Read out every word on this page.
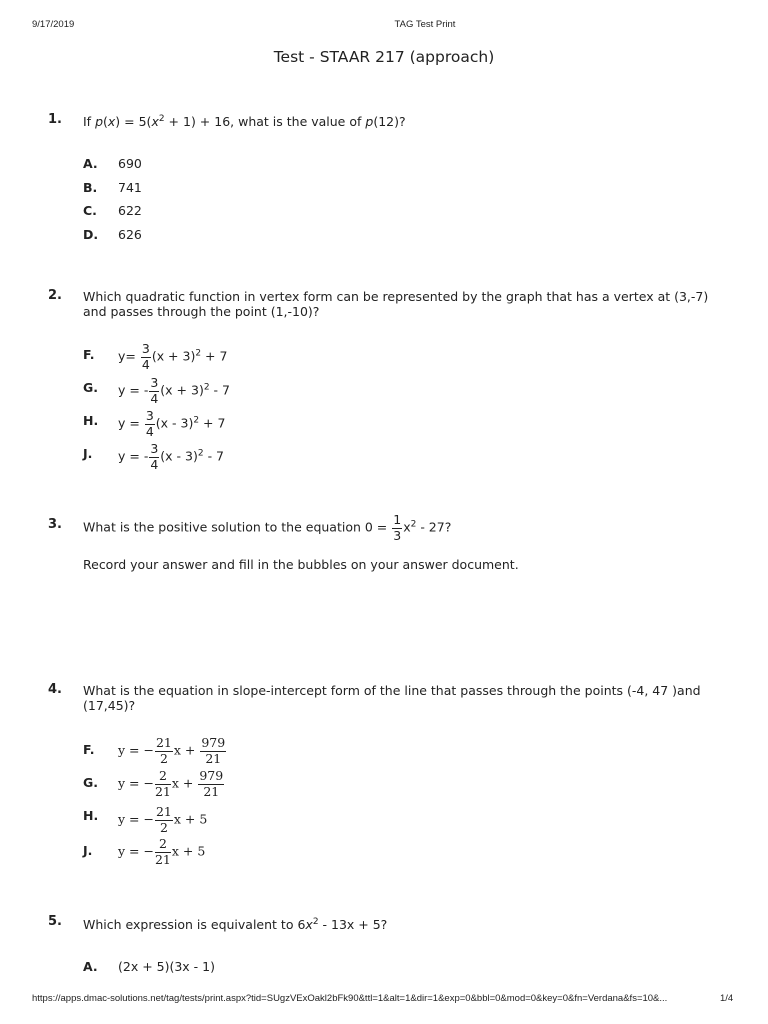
9/17/2019	TAG Test Print
Test - STAAR 217 (approach)
1. If $p(x) = 5(x^2 + 1) + 16$, what is the value of p(12)?
A. 690
B. 741
C. 622
D. 626
2. Which quadratic function in vertex form can be represented by the graph that has a vertex at (3,-7) and passes through the point (1,-10)?
F. $y= \frac{3}{4} (x + 3)^2 + 7$
G. y = - $\frac{3}{4} (x + 3)^2 - 7$
H. $y = \frac{3}{4} (x - 3)^2 + 7$
J. y = - $\frac{3}{4} (x - 3)^2 - 7$
3. What is the positive solution to the equation $0 = \frac{1}{3} x^2 - 27$?
Record your answer and fill in the bubbles on your answer document.
4. What is the equation in slope-intercept form of the line that passes through the points (-4, 47 )and (17,45)?
F. y = − $\frac{21}{2}$ $x + \frac{979}{21}$
G. y = − $\frac{2}{21}$ $x + \frac{979}{21}$
H. y = − $\frac{21}{2}$ x + 5
J. y = − $\frac{2}{21}$ x + 5
5. Which expression is equivalent to $6x^2 - 13x + 5$?
A. (2x + 5)(3x - 1)
https://apps.dmac-solutions.net/tag/tests/print.aspx?tid=SUgzVExOakl2bFk90&ttl=1&alt=1&dir=1&exp=0&bbl=0&mod=0&key=0&fn=Verdana&fs=10&...	1/4
